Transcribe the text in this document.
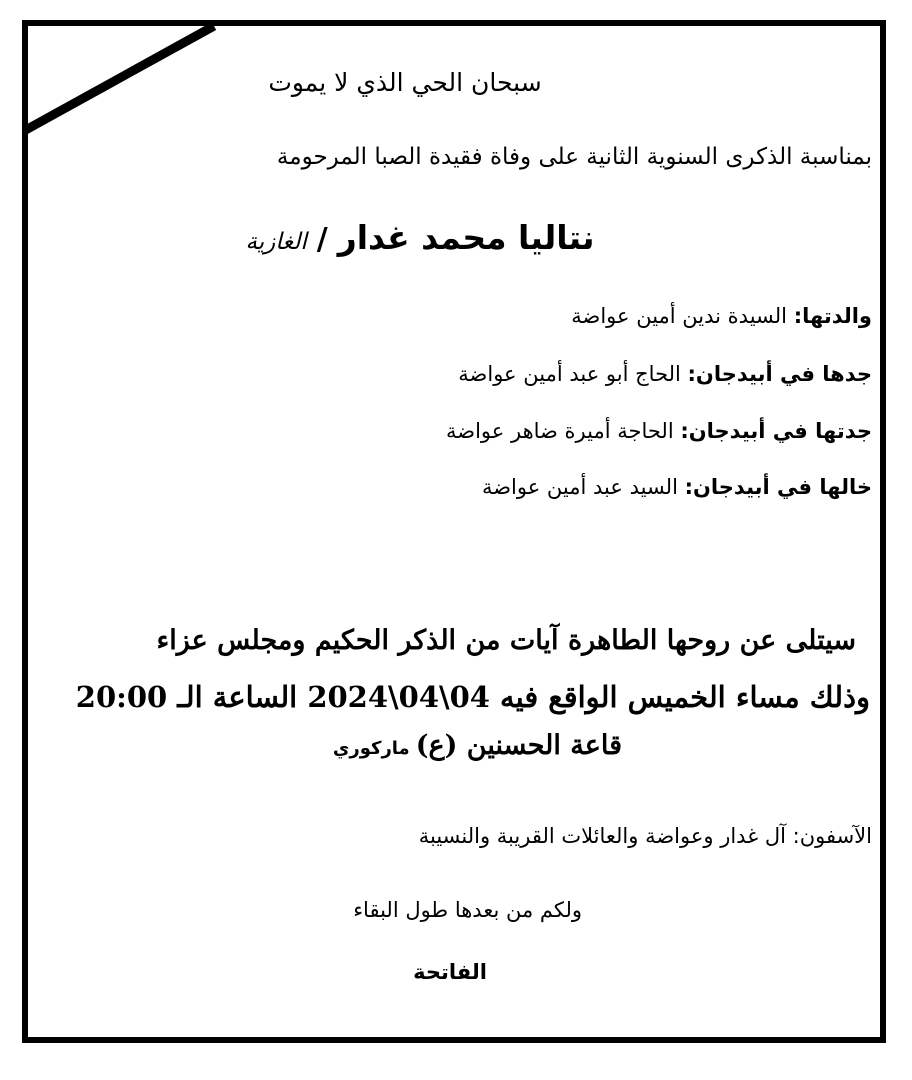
سبحان الحي الذي لا يموت
بمناسبة الذكرى السنوية الثانية على وفاة فقيدة الصبا المرحومة
نتاليا محمد غدار/الغازية
والدتها: السيدة ندين أمين عواضة
جدها في أبيدجان: الحاج أبو عبد أمين عواضة
جدتها في أبيدجان: الحاجة أميرة ضاهر عواضة
خالها في أبيدجان: السيد عبد أمين عواضة
سيتلى عن روحها الطاهرة آيات من الذكر الحكيم ومجلس عزاء
وذلك مساء الخميس الواقع فيه 04\04\2024 الساعة الـ 20:00
قاعة الحسنين (ع)ماركوري
الآسفون: آل غدار وعواضة والعائلات القريبة والنسيبة
ولكم من بعدها طول البقاء
الفاتحة
